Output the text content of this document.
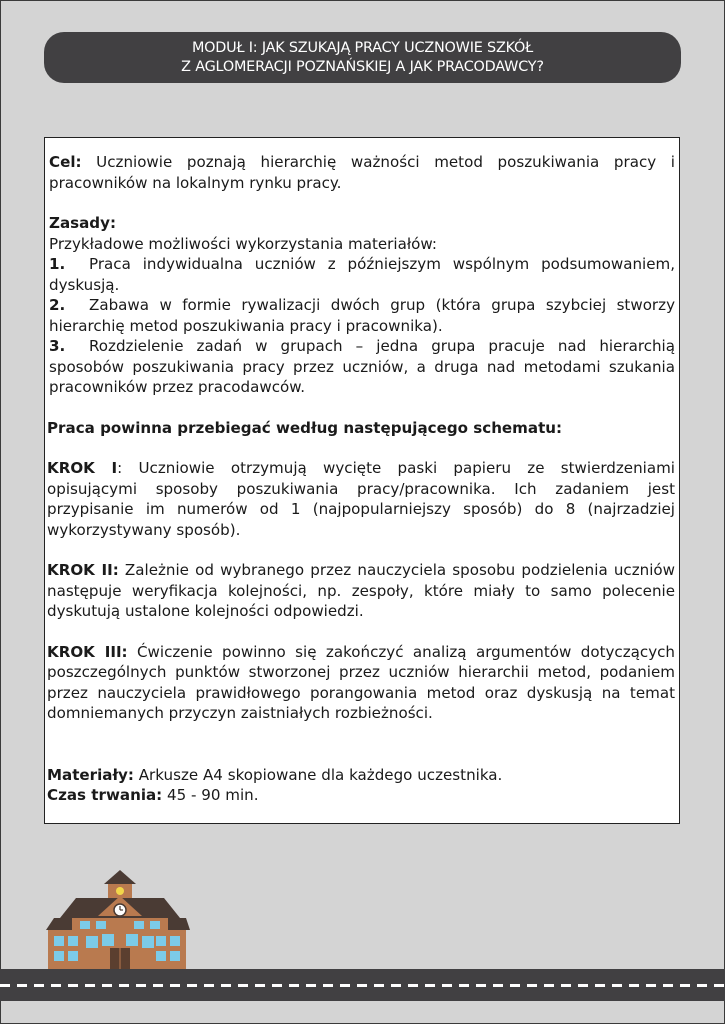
MODUŁ I: JAK SZUKAJĄ PRACY UCZNOWIE SZKÓŁ
Z AGLOMERACJI POZNAŃSKIEJ A JAK PRACODAWCY?

Cel: Uczniowie poznają hierarchię ważności metod poszukiwania pracy i pracowników na lokalnym rynku pracy.

Zasady:

Przykładowe możliwości wykorzystania materiałów:

1. Praca indywidualna uczniów z późniejszym wspólnym podsumowaniem, dyskusją.

2. Zabawa w formie rywalizacji dwóch grup (która grupa szybciej stworzy hierarchię metod poszukiwania pracy i pracownika).

3. Rozdzielenie zadań w grupach – jedna grupa pracuje nad hierarchią sposobów poszukiwania pracy przez uczniów, a druga nad metodami szukania pracowników przez pracodawców.

Praca powinna przebiegać według następującego schematu:

KROK I: Uczniowie otrzymują wycięte paski papieru ze stwierdzeniami opisującymi sposoby poszukiwania pracy/pracownika. Ich zadaniem jest przypisanie im numerów od 1 (najpopularniejszy sposób) do 8 (najrzadziej wykorzystywany sposób).

KROK II: Zależnie od wybranego przez nauczyciela sposobu podzielenia uczniów następuje weryfikacja kolejności, np. zespoły, które miały to samo polecenie dyskutują ustalone kolejności odpowiedzi.

KROK III: Ćwiczenie powinno się zakończyć analizą argumentów dotyczących poszczególnych punktów stworzonej przez uczniów hierarchii metod, podaniem przez nauczyciela prawidłowego porangowania metod oraz dyskusją na temat domniemanych przyczyn zaistniałych rozbieżności.

Materiały: Arkusze A4 skopiowane dla każdego uczestnika.

Czas trwania: 45 - 90 min.
